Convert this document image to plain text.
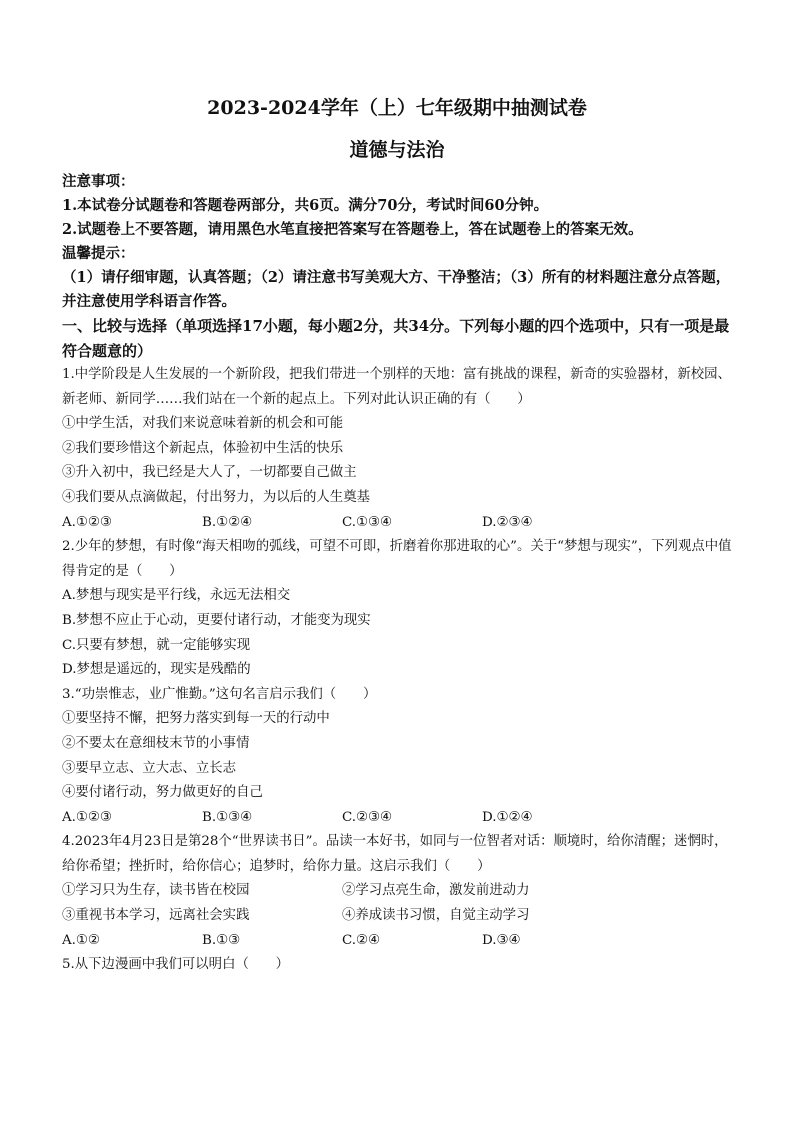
2023-2024学年（上）七年级期中抽测试卷
道德与法治
注意事项：
1.本试卷分试题卷和答题卷两部分，共6页。满分70分，考试时间60分钟。
2.试题卷上不要答题，请用黑色水笔直接把答案写在答题卷上，答在试题卷上的答案无效。
温馨提示：
（1）请仔细审题，认真答题；（2）请注意书写美观大方、干净整洁；（3）所有的材料题注意分点答题，并注意使用学科语言作答。
一、比较与选择（单项选择17小题，每小题2分，共34分。下列每小题的四个选项中，只有一项是最符合题意的）
1.中学阶段是人生发展的一个新阶段，把我们带进一个别样的天地：富有挑战的课程，新奇的实验器材，新校园、新老师、新同学……我们站在一个新的起点上。下列对此认识正确的有（　　）
①中学生活，对我们来说意味着新的机会和可能
②我们要珍惜这个新起点，体验初中生活的快乐
③升入初中，我已经是大人了，一切都要自己做主
④我们要从点滴做起，付出努力，为以后的人生奠基
A.①②③	B.①②④	C.①③④	D.②③④
2.少年的梦想，有时像“海天相吻的弧线，可望不可即，折磨着你那进取的心”。关于“梦想与现实”，下列观点中值得肯定的是（　　）
A.梦想与现实是平行线，永远无法相交
B.梦想不应止于心动，更要付诸行动，才能变为现实
C.只要有梦想，就一定能够实现
D.梦想是遥远的，现实是残酷的
3.“功崇惟志，业广惟勤。”这句名言启示我们（　　）
①要坚持不懈，把努力落实到每一天的行动中
②不要太在意细枝末节的小事情
③要早立志、立大志、立长志
④要付诸行动，努力做更好的自己
A.①②③	B.①③④	C.②③④	D.①②④
4.2023年4月23日是第28个“世界读书日”。品读一本好书，如同与一位智者对话：顺境时，给你清醒；迷惘时，给你希望；挫折时，给你信心；追梦时，给你力量。这启示我们（　　）
①学习只为生存，读书皆在校园	②学习点亮生命，激发前进动力
③重视书本学习，远离社会实践	④养成读书习惯，自觉主动学习
A.①②	B.①③	C.②④	D.③④
5.从下边漫画中我们可以明白（　　）
